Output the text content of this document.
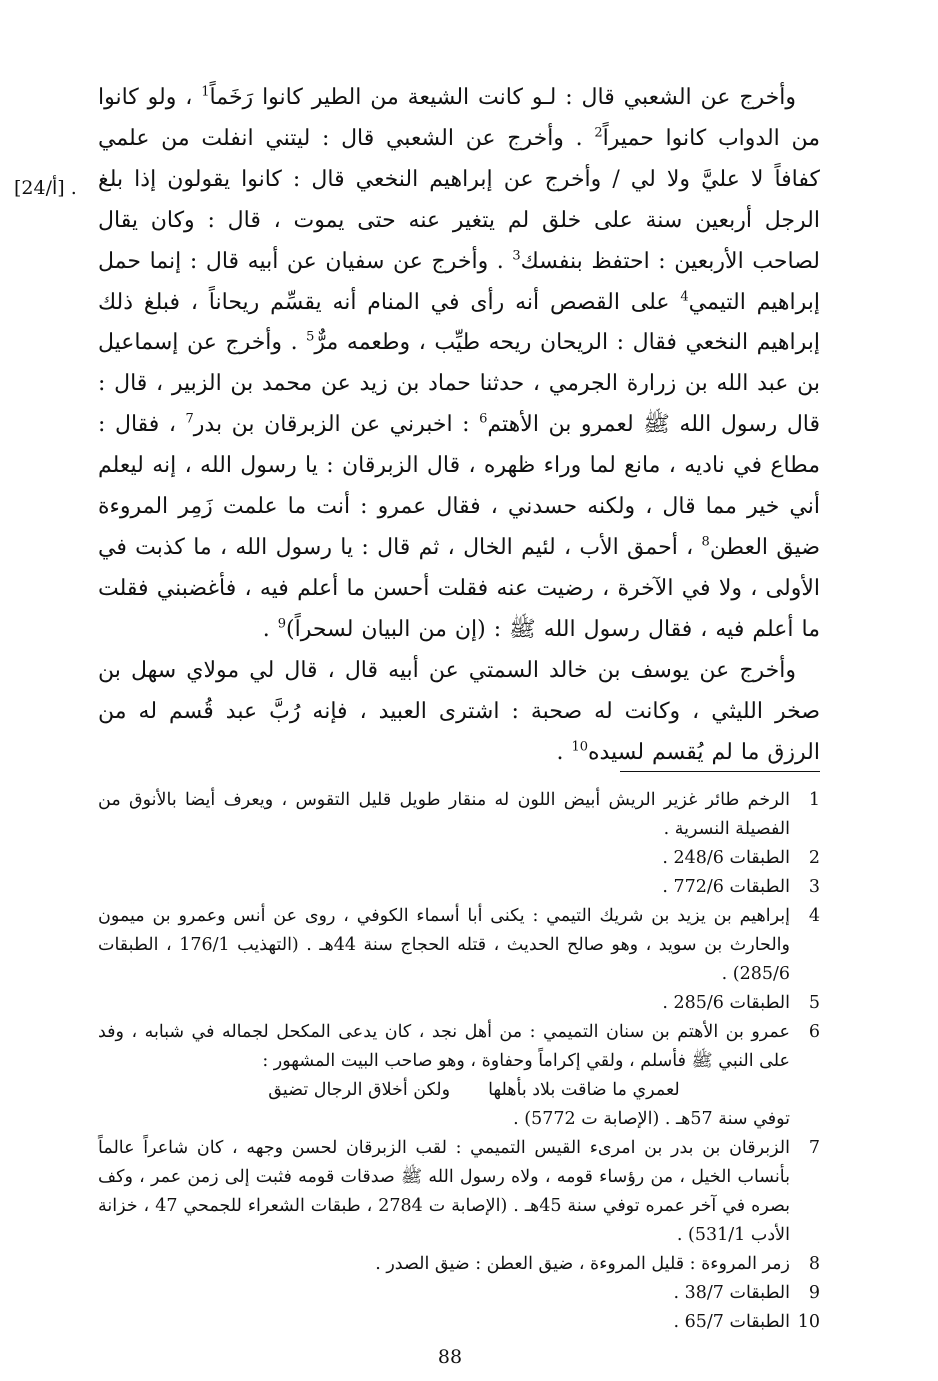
[24/أ] .

وأخرج عن الشعبي قال : لـو كانت الشيعة من الطير كانوا رَخَماً$^1$ ، ولو كانوا من الدواب كانوا حميراً$^2$ . وأخرج عن الشعبي قال : ليتني انفلت من علمي كفافاً لا عليَّ ولا لي / وأخرج عن إبراهيم النخعي قال : كانوا يقولون إذا بلغ الرجل أربعين سنة على خلق لم يتغير عنه حتى يموت ، قال : وكان يقال لصاحب الأربعين : احتفظ بنفسك$^3$ . وأخرج عن سفيان عن أبيه قال : إنما حمل إبراهيم التيمي$^4$ على القصص أنه رأى في المنام أنه يقسِّم ريحاناً ، فبلغ ذلك إبراهيم النخعي فقال : الريحان ريحه طيِّب ، وطعمه مرٌّ$^5$ . وأخرج عن إسماعيل بن عبد الله بن زرارة الجرمي ، حدثنا حماد بن زيد عن محمد بن الزبير ، قال : قال رسول الله ﷺ لعمرو بن الأهتم$^6$ : اخبرني عن الزبرقان بن بدر$^7$ ، فقال : مطاع في ناديه ، مانع لما وراء ظهره ، قال الزبرقان : يا رسول الله ، إنه ليعلم أني خير مما قال ، ولكنه حسدني ، فقال عمرو : أنت ما علمت زَمِر المروءة ضيق العطن$^8$ ، أحمق الأب ، لئيم الخال ، ثم قال : يا رسول الله ، ما كذبت في الأولى ، ولا في الآخرة ، رضيت عنه فقلت أحسن ما أعلم فيه ، فأغضبني فقلت ما أعلم فيه ، فقال رسول الله ﷺ : (إن من البيان لسحراً)$^9$ .

وأخرج عن يوسف بن خالد السمتي عن أبيه قال ، قال لي مولاي سهل بن صخر الليثي ، وكانت له صحبة : اشترى العبيد ، فإنه رُبَّ عبد قُسم له من الرزق ما لم يُقسم لسيده$^{10}$ .

1
الرخم طائر غزير الريش أبيض اللون له منقار طويل قليل التقوس ، ويعرف أيضا بالأنوق من الفصيلة النسرية .
2
الطبقات 248/6 .
3
الطبقات 772/6 .
4
إبراهيم بن يزيد بن شريك التيمي : يكنى أبا أسماء الكوفي ، روى عن أنس وعمرو بن ميمون والحارث بن سويد ، وهو صالح الحديث ، قتله الحجاج سنة 44هـ . (التهذيب 176/1 ، الطبقات 285/6) .
5
الطبقات 285/6 .
6
عمرو بن الأهتم بن سنان التميمي : من أهل نجد ، كان يدعى المكحل لجماله في شبابه ، وفد على النبي ﷺ فأسلم ، ولقي إكراماً وحفاوة ، وهو صاحب البيت المشهور :
لعمري ما ضاقت بلاد بأهلها
ولكن أخلاق الرجال تضيق
توفي سنة 57هـ . (الإصابة ت 5772) .
7
الزبرقان بن بدر بن امرىء القيس التميمي : لقب الزبرقان لحسن وجهه ، كان شاعراً عالماً بأنساب الخيل ، من رؤساء قومه ، ولاه رسول الله ﷺ صدقات قومه فثبت إلى زمن عمر ، وكف بصره في آخر عمره توفي سنة 45هـ . (الإصابة ت 2784 ، طبقات الشعراء للجمحي 47 ، خزانة الأدب 531/1) .
8
زمر المروءة : قليل المروءة ، ضيق العطن : ضيق الصدر .
9
الطبقات 38/7 .
10
الطبقات 65/7 .
88
